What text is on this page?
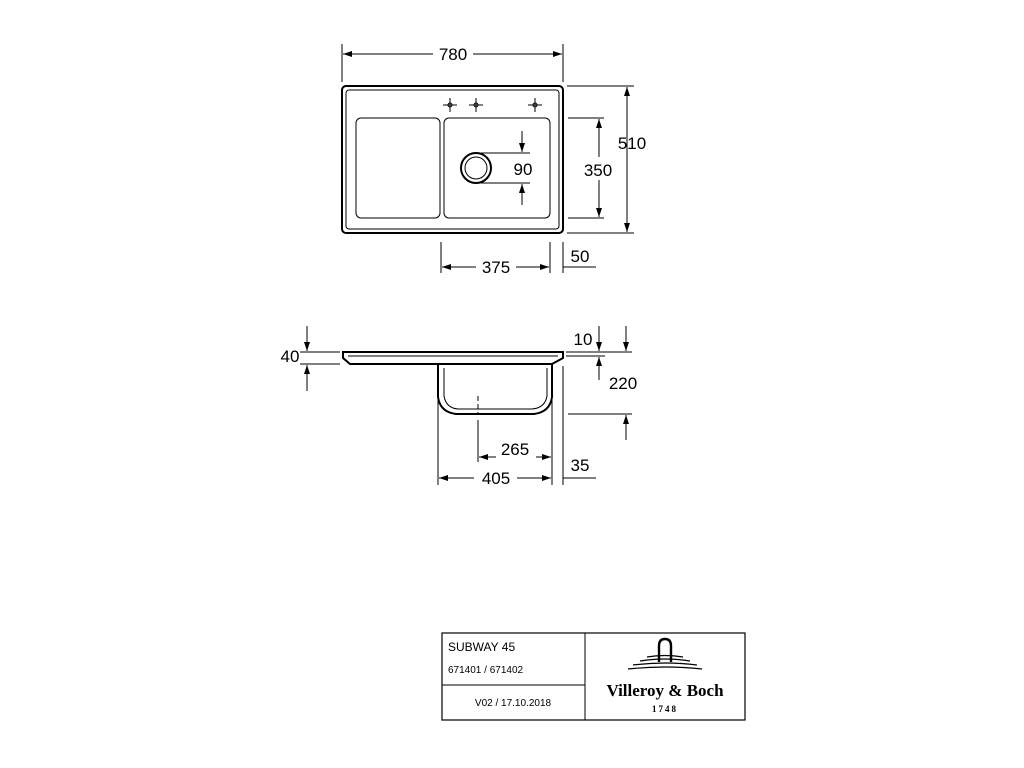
780
510
350
90
375
50
40
10
220
265
405
35
SUBWAY 45
671401 / 671402
V02 / 17.10.2018
Villeroy & Boch
1748
